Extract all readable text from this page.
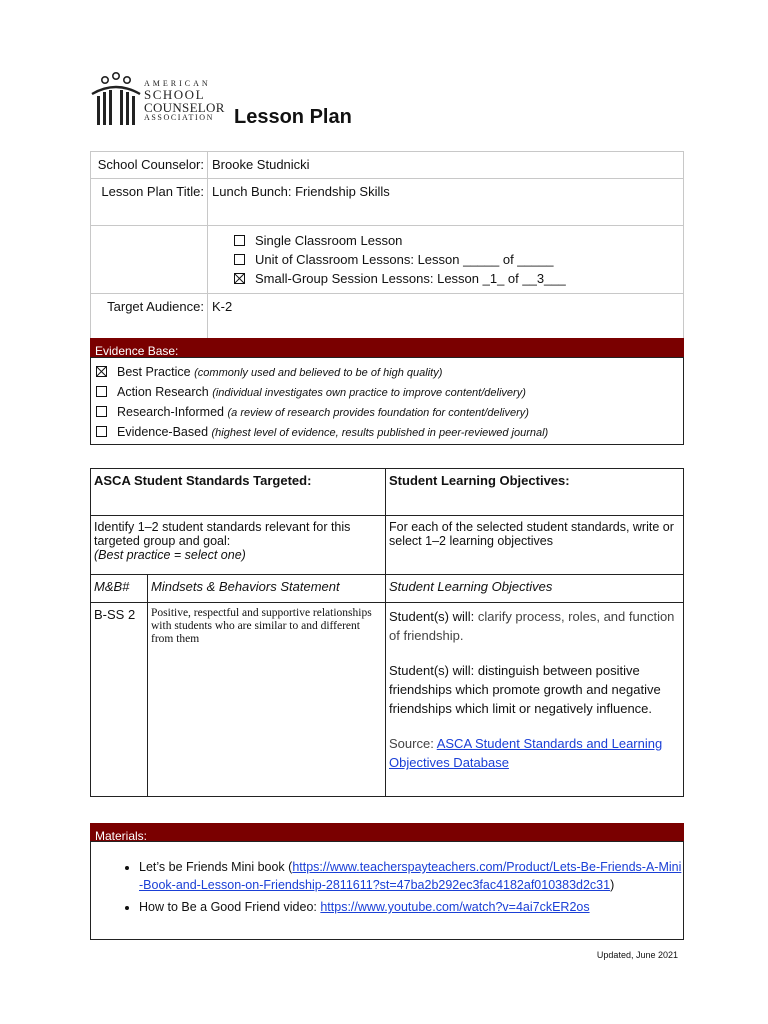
AMERICAN
SCHOOL
COUNSELOR
ASSOCIATION Lesson Plan
School Counselor:	Brooke Studnicki
Lesson Plan Title:	Lunch Bunch: Friendship Skills

	Single Classroom Lesson
Unit of Classroom Lessons: Lesson _____ of _____
Small-Group Session Lessons: Lesson _1_ of __3___

Target Audience:	K-2
Evidence Base:
Best Practice (commonly used and believed to be of high quality)
Action Research (individual investigates own practice to improve content/delivery)
Research-Informed (a review of research provides foundation for content/delivery)
Evidence-Based (highest level of evidence, results published in peer-reviewed journal)
ASCA Student Standards Targeted:		Student Learning Objectives:

Identify 1–2 student standards relevant for this targeted group and goal:
(Best practice = select one)		For each of the selected student standards, write or select 1–2 learning objectives
M&B#	Mindsets & Behaviors Statement	Student Learning Objectives
B-SS 2	Positive, respectful and supportive relationships with students who are similar to and different from them	Student(s) will: clarify process, roles, and function of friendship.
Student(s) will: distinguish between positive friendships which promote growth and negative friendships which limit or negatively influence.
Source: ASCA Student Standards and Learning Objectives Database
Materials:
• Let’s be Friends Mini book (https://www.teacherspayteachers.com/Product/Lets-Be-Friends-A-Mini-Book-and-Lesson-on-Friendship-2811611?st=47ba2b292ec3fac4182af010383d2c31)
• How to Be a Good Friend video: https://www.youtube.com/watch?v=4ai7ckER2os
Updated, June 2021
